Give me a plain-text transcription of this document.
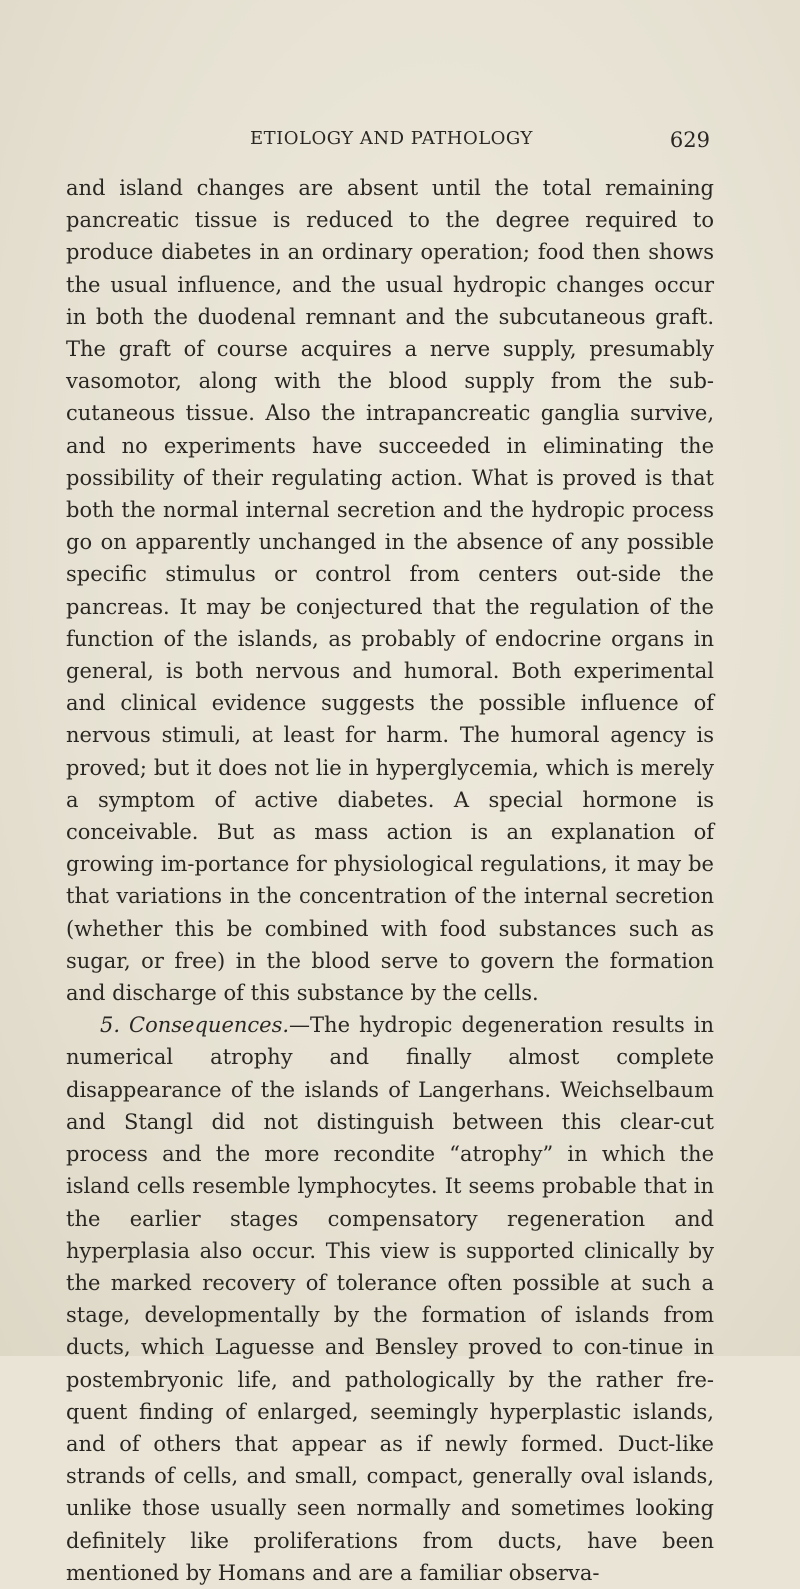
ETIOLOGY AND PATHOLOGY	629

and island changes are absent until the total remaining pancreatic tissue is reduced to the degree required to produce diabetes in an ordinary operation; food then shows the usual influence, and the usual hydropic changes occur in both the duodenal remnant and the subcutaneous graft. The graft of course acquires a nerve supply, presumably vasomotor, along with the blood supply from the sub-cutaneous tissue. Also the intrapancreatic ganglia survive, and no experiments have succeeded in eliminating the possibility of their regulating action. What is proved is that both the normal internal secretion and the hydropic process go on apparently unchanged in the absence of any possible specific stimulus or control from centers out-side the pancreas. It may be conjectured that the regulation of the function of the islands, as probably of endocrine organs in general, is both nervous and humoral. Both experimental and clinical evidence suggests the possible influence of nervous stimuli, at least for harm. The humoral agency is proved; but it does not lie in hyperglycemia, which is merely a symptom of active diabetes. A special hormone is conceivable. But as mass action is an explanation of growing im-portance for physiological regulations, it may be that variations in the concentration of the internal secretion (whether this be combined with food substances such as sugar, or free) in the blood serve to govern the formation and discharge of this substance by the cells.

5. Consequences.—The hydropic degeneration results in numerical atrophy and finally almost complete disappearance of the islands of Langerhans. Weichselbaum and Stangl did not distinguish between this clear-cut process and the more recondite “atrophy” in which the island cells resemble lymphocytes. It seems probable that in the earlier stages compensatory regeneration and hyperplasia also occur. This view is supported clinically by the marked recovery of tolerance often possible at such a stage, developmentally by the formation of islands from ducts, which Laguesse and Bensley proved to con-tinue in postembryonic life, and pathologically by the rather fre-quent finding of enlarged, seemingly hyperplastic islands, and of others that appear as if newly formed. Duct-like strands of cells, and small, compact, generally oval islands, unlike those usually seen normally and sometimes looking definitely like proliferations from ducts, have been mentioned by Homans and are a familiar observa-
